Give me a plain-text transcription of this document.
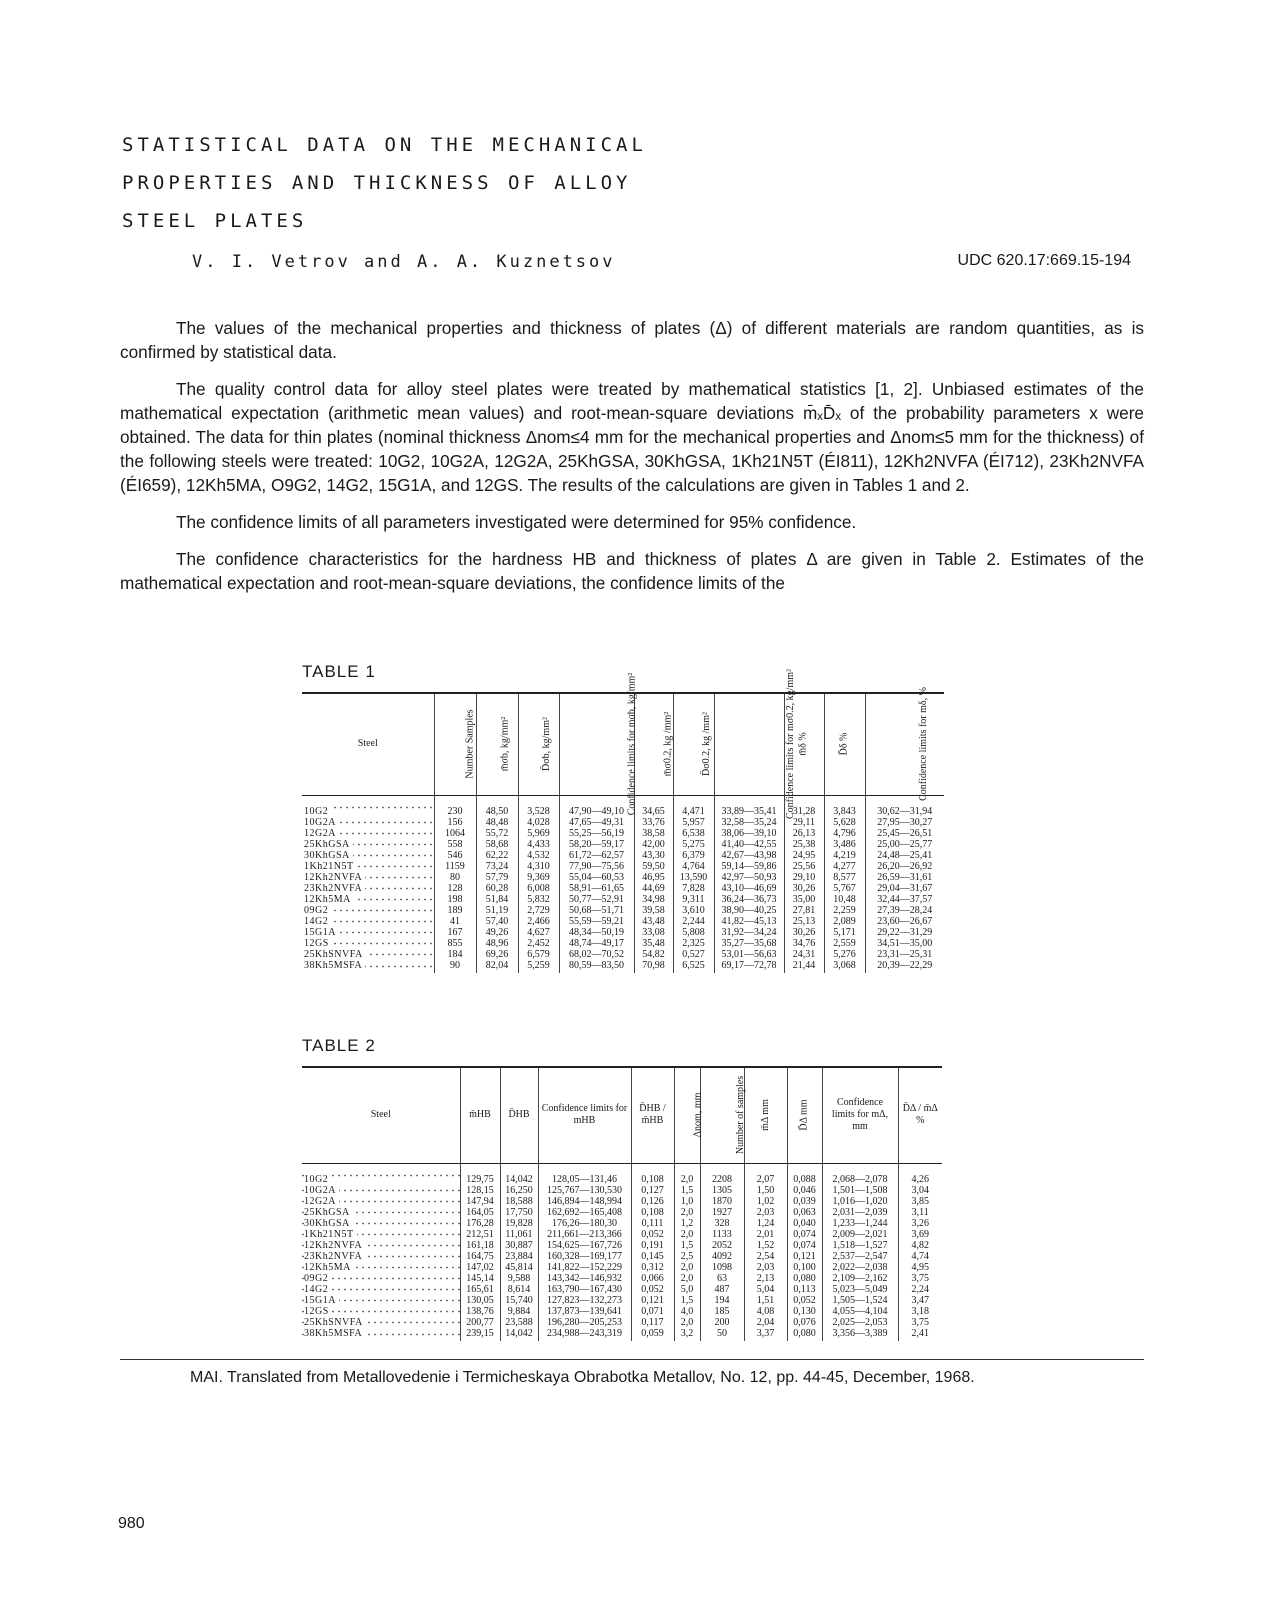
STATISTICAL DATA ON THE MECHANICAL
PROPERTIES AND THICKNESS OF ALLOY
STEEL PLATES
V. I. Vetrov and A. A. Kuznetsov	UDC 620.17:669.15-194

The values of the mechanical properties and thickness of plates (Δ) of different materials are random quantities, as is confirmed by statistical data.

The quality control data for alloy steel plates were treated by mathematical statistics [1, 2]. Unbiased estimates of the mathematical expectation (arithmetic mean values) and root-mean-square deviations m̄ₓD̄ₓ of the probability parameters x were obtained. The data for thin plates (nominal thickness Δnom≤4 mm for the mechanical properties and Δnom≤5 mm for the thickness) of the following steels were treated: 10G2, 10G2A, 12G2A, 25KhGSA, 30KhGSA, 1Kh21N5T (ÉI811), 12Kh2NVFA (ÉI712), 23Kh2NVFA (ÉI659), 12Kh5MA, O9G2, 14G2, 15G1A, and 12GS. The results of the calculations are given in Tables 1 and 2.

The confidence limits of all parameters investigated were determined for 95% confidence.

The confidence characteristics for the hardness HB and thickness of plates Δ are given in Table 2. Estimates of the mathematical expectation and root-mean-square deviations, the confidence limits of the

TABLE 1
Steel	Number Samples	m̄σb, kg/mm²	D̄σb, kg/mm²	Confidence limits for mσb, kg/mm²	m̄σ0.2, kg /mm²	D̄σ0.2, kg /mm²	Confidence limits for mσ0.2, kg/mm²	m̄δ %	D̄δ %	Confidence limits for mδ, %
10G2	230	48,50	3,528	47,90—49,10	34,65	4,471	33,89—35,41	31,28	3,843	30,62—31,94
10G2A	156	48,48	4,028	47,65—49,31	33,76	5,957	32,58—35,24	29,11	5,628	27,95—30,27
12G2A	1064	55,72	5,969	55,25—56,19	38,58	6,538	38,06—39,10	26,13	4,796	25,45—26,51
25KhGSA	558	58,68	4,433	58,20—59,17	42,00	5,275	41,40—42,55	25,38	3,486	25,00—25,77
30KhGSA	546	62,22	4,532	61,72—62,57	43,30	6,379	42,67—43,98	24,95	4,219	24,48—25,41
1Kh21N5T	1159	73,24	4,310	77,90—75,56	59,50	4,764	59,14—59,86	25,56	4,277	26,20—26,92
12Kh2NVFA	80	57,79	9,369	55,04—60,53	46,95	13,590	42,97—50,93	29,10	8,577	26,59—31,61
23Kh2NVFA	128	60,28	6,008	58,91—61,65	44,69	7,828	43,10—46,69	30,26	5,767	29,04—31,67
12Kh5MA	198	51,84	5,832	50,77—52,91	34,98	9,311	36,24—36,73	35,00	10,48	32,44—37,57
09G2	189	51,19	2,729	50,68—51,71	39,58	3,610	38,90—40,25	27,81	2,259	27,39—28,24
14G2	41	57,40	2,466	55,59—59,21	43,48	2,244	41,82—45,13	25,13	2,089	23,60—26,67
15G1A	167	49,26	4,627	48,34—50,19	33,08	5,808	31,92—34,24	30,26	5,171	29,22—31,29
12GS	855	48,96	2,452	48,74—49,17	35,48	2,325	35,27—35,68	34,76	2,559	34,51—35,00
25KhSNVFA	184	69,26	6,579	68,02—70,52	54,82	0,527	53,01—56,63	24,31	5,276	23,31—25,31
38Kh5MSFA	90	82,04	5,259	80,59—83,50	70,98	6,525	69,17—72,78	21,44	3,068	20,39—22,29
TABLE 2
Steel	m̄HB	D̄HB	Confidence limits for mHB	D̄HB / m̄HB	Δnom, mm	Number of samples	m̄Δ mm	D̄Δ mm	Confidence limits for mΔ, mm	D̄Δ / m̄Δ %
10G2	129,75	14,042	128,05—131,46	0,108	2,0	2208	2,07	0,088	2,068—2,078	4,26
10G2A	128,15	16,250	125,767—130,530	0,127	1,5	1305	1,50	0,046	1,501—1,508	3,04
12G2A	147,94	18,588	146,894—148,994	0,126	1,0	1870	1,02	0,039	1,016—1,020	3,85
25KhGSA	164,05	17,750	162,692—165,408	0,108	2,0	1927	2,03	0,063	2,031—2,039	3,11
30KhGSA	176,28	19,828	176,26—180,30	0,111	1,2	328	1,24	0,040	1,233—1,244	3,26
1Kh21N5T	212,51	11,061	211,661—213,366	0,052	2,0	1133	2,01	0,074	2,009—2,021	3,69
12Kh2NVFA	161,18	30,887	154,625—167,726	0,191	1,5	2052	1,52	0,074	1,518—1,527	4,82
23Kh2NVFA	164,75	23,884	160,328—169,177	0,145	2,5	4092	2,54	0,121	2,537—2,547	4,74
12Kh5MA	147,02	45,814	141,822—152,229	0,312	2,0	1098	2,03	0,100	2,022—2,038	4,95
09G2	145,14	9,588	143,342—146,932	0,066	2,0	63	2,13	0,080	2,109—2,162	3,75
14G2	165,61	8,614	163,790—167,430	0,052	5,0	487	5,04	0,113	5,023—5,049	2,24
15G1A	130,05	15,740	127,823—132,273	0,121	1,5	194	1,51	0,052	1,505—1,524	3,47
12GS	138,76	9,884	137,873—139,641	0,071	4,0	185	4,08	0,130	4,055—4,104	3,18
25KhSNVFA	200,77	23,588	196,280—205,253	0,117	2,0	200	2,04	0,076	2,025—2,053	3,75
38Kh5MSFA	239,15	14,042	234,988—243,319	0,059	3,2	50	3,37	0,080	3,356—3,389	2,41

MAI. Translated from Metallovedenie i Termicheskaya Obrabotka Metallov, No. 12, pp. 44-45, December, 1968.

980
